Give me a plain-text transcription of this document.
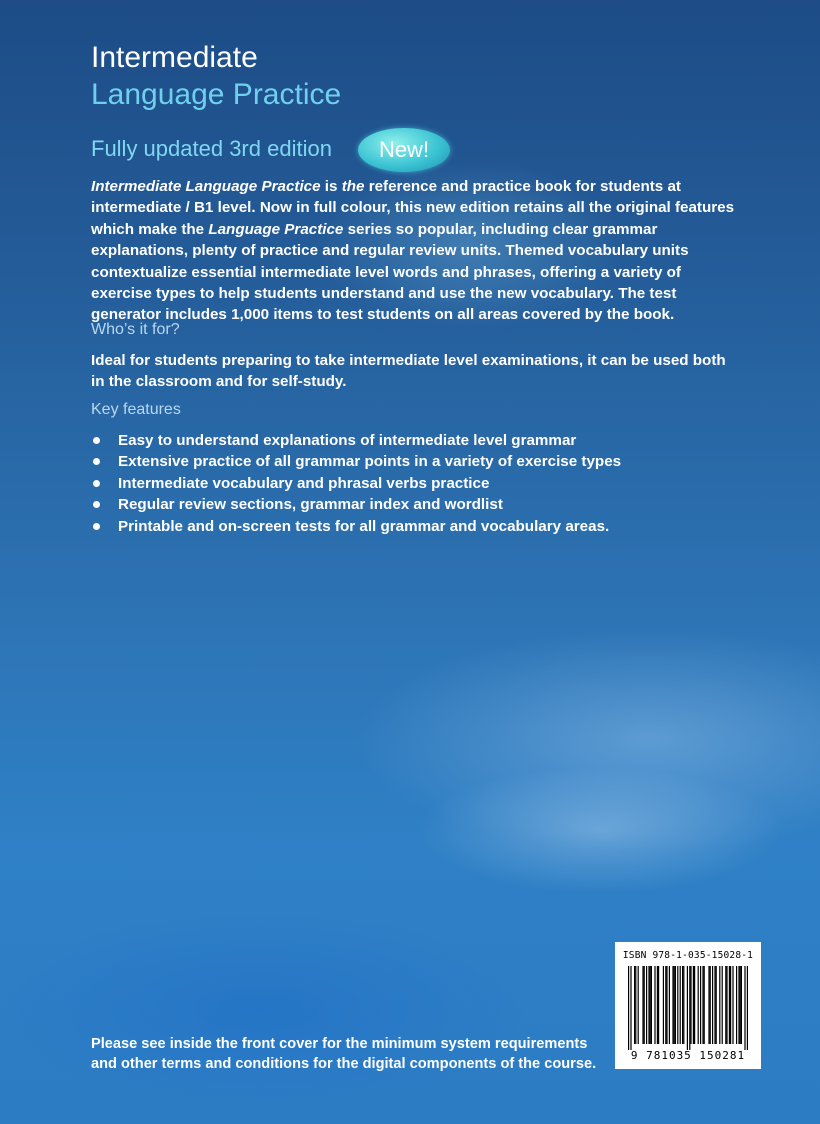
Intermediate
Language Practice
Fully updated 3rd edition	New!

Intermediate Language Practice is the reference and practice book for students at intermediate / B1 level. Now in full colour, this new edition retains all the original features which make the Language Practice series so popular, including clear grammar explanations, plenty of practice and regular review units. Themed vocabulary units contextualize essential intermediate level words and phrases, offering a variety of exercise types to help students understand and use the new vocabulary. The test generator includes 1,000 items to test students on all areas covered by the book.

Who’s it for?

Ideal for students preparing to take intermediate level examinations, it can be used both in the classroom and for self-study.

Key features
Easy to understand explanations of intermediate level grammar
Extensive practice of all grammar points in a variety of exercise types
Intermediate vocabulary and phrasal verbs practice
Regular review sections, grammar index and wordlist
Printable and on-screen tests for all grammar and vocabulary areas.

Please see inside the front cover for the minimum system requirements and other terms and conditions for the digital components of the course.

ISBN 978-1-035-15028-1
9 781035 150281
